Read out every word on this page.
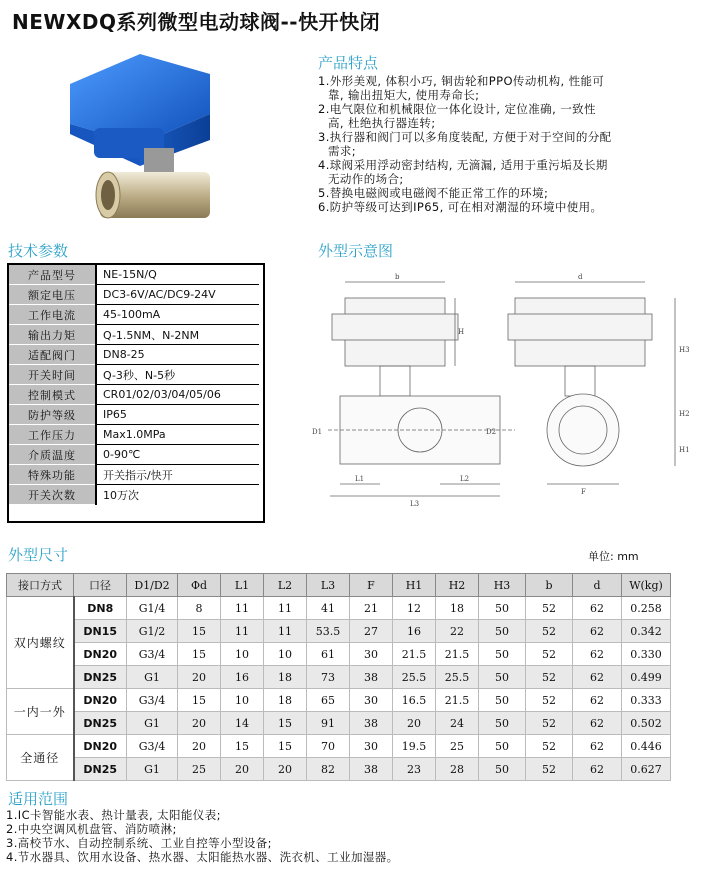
NEWXDQ系列微型电动球阀--快开快闭
产品特点
1.外形美观, 体积小巧, 铜齿轮和PPO传动机构, 性能可
靠, 输出扭矩大, 使用寿命长;
2.电气限位和机械限位一体化设计, 定位准确, 一致性
高, 杜绝执行器连转;
3.执行器和阀门可以多角度装配, 方便于对于空间的分配
需求;
4.球阀采用浮动密封结构, 无滴漏, 适用于重污垢及长期
无动作的场合;
5.替换电磁阀或电磁阀不能正常工作的环境;
6.防护等级可达到IP65, 可在相对潮湿的环境中使用。
技术参数
产品型号	NE-15N/Q
额定电压	DC3-6V/AC/DC9-24V
工作电流	45-100mA
输出力矩	Q-1.5NM、N-2NM
适配阀门	DN8-25
开关时间	Q-3秒、N-5秒
控制模式	CR01/02/03/04/05/06
防护等级	IP65
工作压力	Max1.0MPa
介质温度	0-90℃
特殊功能	开关指示/快开
开关次数	10万次
外型示意图
b	d
H
H3
H2
H1
D1	D2
L1	L2
L3
F
外型尺寸	单位: mm
接口方式	口径	D1/D2	Φd	L1	L2	L3	F	H1	H2	H3	b	d	W(kg)
双内螺纹	DN8	G1/4	8	11	11	41	21	12	18	50	52	62	0.258
	DN15	G1/2	15	11	11	53.5	27	16	22	50	52	62	0.342
	DN20	G3/4	15	10	10	61	30	21.5	21.5	50	52	62	0.330
	DN25	G1	20	16	18	73	38	25.5	25.5	50	52	62	0.499
一内一外	DN20	G3/4	15	10	18	65	30	16.5	21.5	50	52	62	0.333
	DN25	G1	20	14	15	91	38	20	24	50	52	62	0.502
全通径	DN20	G3/4	20	15	15	70	30	19.5	25	50	52	62	0.446
	DN25	G1	25	20	20	82	38	23	28	50	52	62	0.627
适用范围
1.IC卡智能水表、热计量表, 太阳能仪表;
2.中央空调风机盘管、消防喷淋;
3.高校节水、自动控制系统、工业自控等小型设备;
4.节水器具、饮用水设备、热水器、太阳能热水器、洗衣机、工业加湿器。
